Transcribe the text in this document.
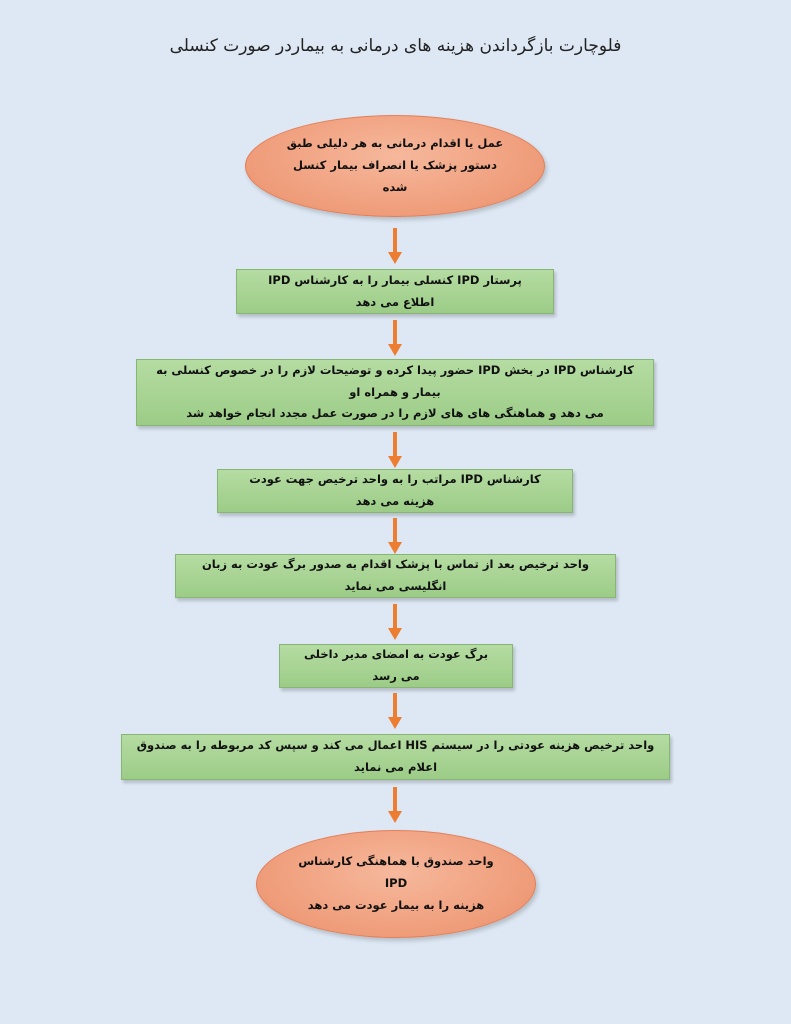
فلوچارت بازگرداندن هزینه های درمانی به بیماردر صورت کنسلی
عمل یا اقدام درمانی به هر دلیلی طبق
دستور پزشک یا انصراف بیمار کنسل شده
پرستار IPD کنسلی بیمار را به کارشناس IPD اطلاع می دهد
کارشناس IPD در بخش IPD حضور پیدا کرده و توضیحات لازم را در خصوص کنسلی به بیمار و همراه او
می دهد و هماهنگی های های لازم را در صورت عمل مجدد انجام خواهد شد
کارشناس IPD مراتب را به واحد ترخیص جهت عودت هزینه می دهد
واحد ترخیص بعد از تماس با پزشک اقدام به صدور برگ عودت به زبان انگلیسی می نماید
برگ عودت به امضای مدیر داخلی می رسد
واحد ترخیص هزینه عودتی را در سیستم HIS اعمال می کند و سپس کد مربوطه را به صندوق اعلام می نماید
واحد صندوق با هماهنگی کارشناس IPD
هزینه را به بیمار عودت می دهد
